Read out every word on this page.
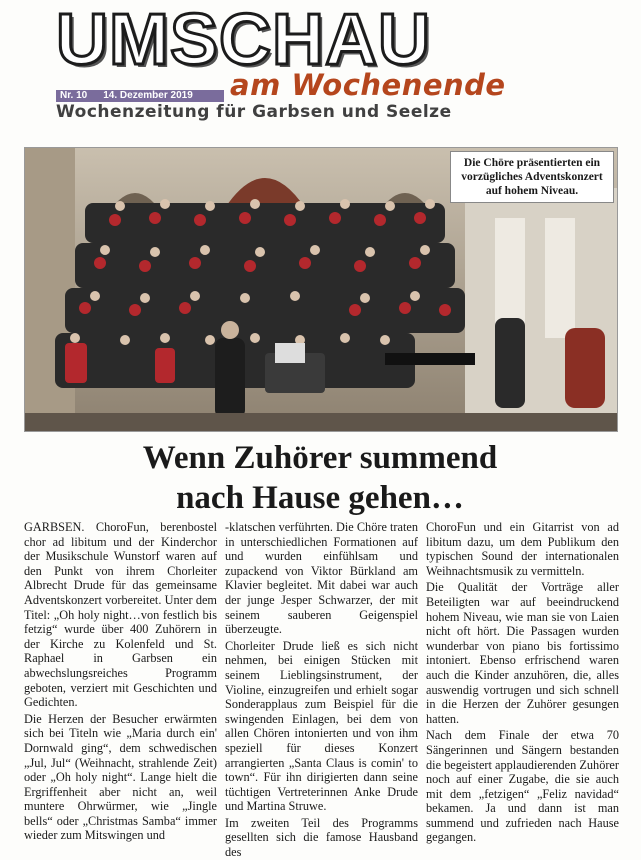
UMSCHAU
am Wochenende
Nr. 10 14. Dezember 2019
Wochenzeitung für Garbsen und Seelze
Die Chöre präsentierten ein vorzügliches Adventskonzert auf hohem Niveau.
Wenn Zuhörer summend
nach Hause gehen…

GARBSEN. ChoroFun, berenbostel chor ad libitum und der Kinderchor der Musikschule Wunstorf waren auf den Punkt von ihrem Chorleiter Albrecht Drude für das gemeinsame Adventskonzert vorbereitet. Unter dem Titel: „Oh holy night…von festlich bis fetzig“ wurde über 400 Zuhörern in der Kirche zu Kolenfeld und St. Raphael in Garbsen ein abwechslungsreiches Programm geboten, verziert mit Geschichten und Gedichten.

Die Herzen der Besucher erwärmten sich bei Titeln wie „Maria durch ein' Dornwald ging“, dem schwedischen „Jul, Jul“ (Weihnacht, strahlende Zeit) oder „Oh holy night“. Lange hielt die Ergriffenheit aber nicht an, weil muntere Ohrwürmer, wie „Jingle bells“ oder „Christmas Samba“ immer wieder zum Mitswingen und

-klatschen verführten. Die Chöre traten in unterschiedlichen Formationen auf und wurden einfühlsam und zupackend von Viktor Bürkland am Klavier begleitet. Mit dabei war auch der junge Jesper Schwarzer, der mit seinem sauberen Geigenspiel überzeugte.

Chorleiter Drude ließ es sich nicht nehmen, bei einigen Stücken mit seinem Lieblingsinstrument, der Violine, einzugreifen und erhielt sogar Sonderapplaus zum Beispiel für die swingenden Einlagen, bei dem von allen Chören intonierten und von ihm speziell für dieses Konzert arrangierten „Santa Claus is comin' to town“. Für ihn dirigierten dann seine tüchtigen Vertreterinnen Anke Drude und Martina Struwe.

Im zweiten Teil des Programms gesellten sich die famose Hausband des

ChoroFun und ein Gitarrist von ad libitum dazu, um dem Publikum den typischen Sound der internationalen Weihnachtsmusik zu vermitteln.

Die Qualität der Vorträge aller Beteiligten war auf beeindruckend hohem Niveau, wie man sie von Laien nicht oft hört. Die Passagen wurden wunderbar von piano bis fortissimo intoniert. Ebenso erfrischend waren auch die Kinder anzuhören, die, alles auswendig vortrugen und sich schnell in die Herzen der Zuhörer gesungen hatten.

Nach dem Finale der etwa 70 Sängerinnen und Sängern bestanden die begeistert applaudierenden Zuhörer noch auf einer Zugabe, die sie auch mit dem „fetzigen“ „Feliz navidad“ bekamen. Ja und dann ist man summend und zufrieden nach Hause gegangen.
